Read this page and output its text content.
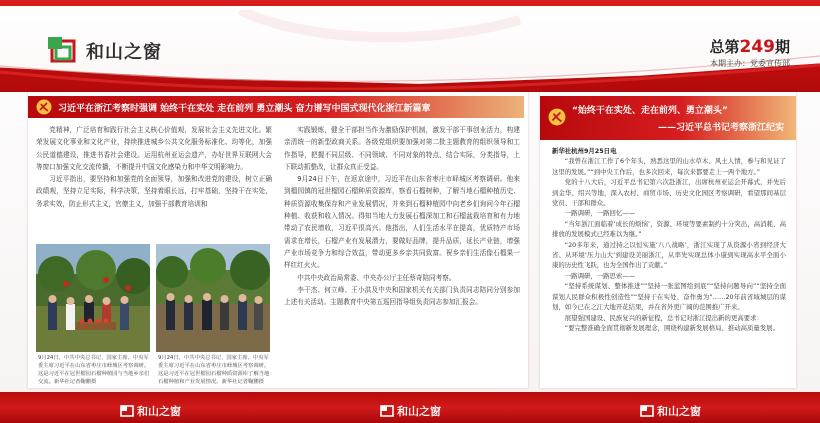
和山之窗	总第249期
本期主办：党委宣传部
习近平在浙江考察时强调 始终干在实处 走在前列 勇立潮头 奋力谱写中国式现代化浙江新篇章

党精神，广泛培育和践行社会主义核心价值观，发展社会主义先进文化。繁荣发展文化事业和文化产业，持续推进城乡公共文化服务标准化、均等化，加强公民道德建设，推进书香社会建设。运用杭州亚运会遗产，办好世界互联网大会等窗口加强文化交流传播，不断提升中国文化感染力和中华文明影响力。

习近平指出，要坚持和加强党的全面领导，加强和改进党的建设，树立正确政绩观，坚持立足实际，科学决策，坚持着眼长远，打牢基础，坚持干在实处，务求实效，防止形式主义，官僚主义，加强干部教育培训和

9月24日，中共中央总书记、国家主席、中央军委主席习近平在山东省枣庄市峄城区考察调研。这是习近平在冠世榴园石榴种植园与当地乡亲们交流。新华社记者鞠鹏摄
9月24日，中共中央总书记、国家主席、中央军委主席习近平在山东省枣庄市峄城区考察调研。这是习近平在冠世榴园石榴种质资源库了解当地石榴种植和产业发展情况。新华社记者鞠鹏摄

实践锻炼，健全干部担当作为激励保护机制，激发干部干事创业活力，构建亲清统一的新型政商关系。各级党组织要加强对第二批主题教育的组织领导和工作指导，把握不同层级、不同领域、不同对象的特点，结合实际，分类指导，上下联动抓整改，让群众真正受益。

9月24日下午，在返京途中，习近平在山东省枣庄市峄城区考察调研。他来到榴园镇的冠世榴园石榴种质资源库，察看石榴树种，了解当地石榴种植历史、种质资源收集保存和产业发展情况，并来到石榴种植园中向老乡们询问今年石榴种植、收获和收入情况。得知当地大力发展石榴深加工和石榴盆栽培育和有力地带动了农民增收，习近平很高兴。他指出，人们生活水平在提高，优质特产市场需求在增长，石榴产业有发展潜力，要做好品牌，提升品质，延长产业链，增强产业市场竞争力和综合效益，带动更多乡亲共同致富。祝乡亲们生活像石榴果一样红红火火。

中共中央政治局常委、中央办公厅主任蔡奇陪同考察。

李干杰、何立峰、王小洪及中央和国家机关有关部门负责同志陪同分别参加上述有关活动。主题教育中央第五巡回指导组负责同志参加汇报会。

“始终干在实处、走在前列、勇立潮头”
——习近平总书记考察浙江纪实

新华社杭州9月25日电

“我曾在浙江工作了6个年头，熟悉这里的山水草木、风土人情，参与和见证了这里的发展。”“到中央工作后，也多次回来，每次来都要走上一两个地方。”

党的十八大后，习近平总书记第六次赴浙江，出席杭州亚运会开幕式，并先后到金华、绍兴等地，深入农村、商贸市场、历史文化园区考察调研，看望那间基层党员、干部和群众。

一路调研，一路回忆——

“当年浙江面临着‘成长的烦恼’，资源、环境等要素制约十分突出，高消耗、高排放的发展模式已经难以为继。”

“20多年来，通过持之以恒实施‘八八战略’，浙江实现了从资源小省到经济大省、从环境‘压力山大’到建设美丽浙江，从率先实现总体小康到实现高水平全面小康的历史性飞跃，也为全国作出了贡献。”

一路调研，一路思索——

“坚持系统谋划、整体推进”“坚持一张蓝图绘到底”“坚持问题导向”“坚持全面谋划人民群众积极性创造性”“坚持干在实处、奋作勇为”……20年前省域城层的谋划，如今已在之江大地开花结果，并在省外更广阔的范围推广开来。

展望强国建设、民族复兴的新征程，总书记对浙江提出新的更高要求：

“要完整准确全面贯彻新发展理念，围绕构建新发展格局、推动高质量发展。

和山之窗	和山之窗	和山之窗
